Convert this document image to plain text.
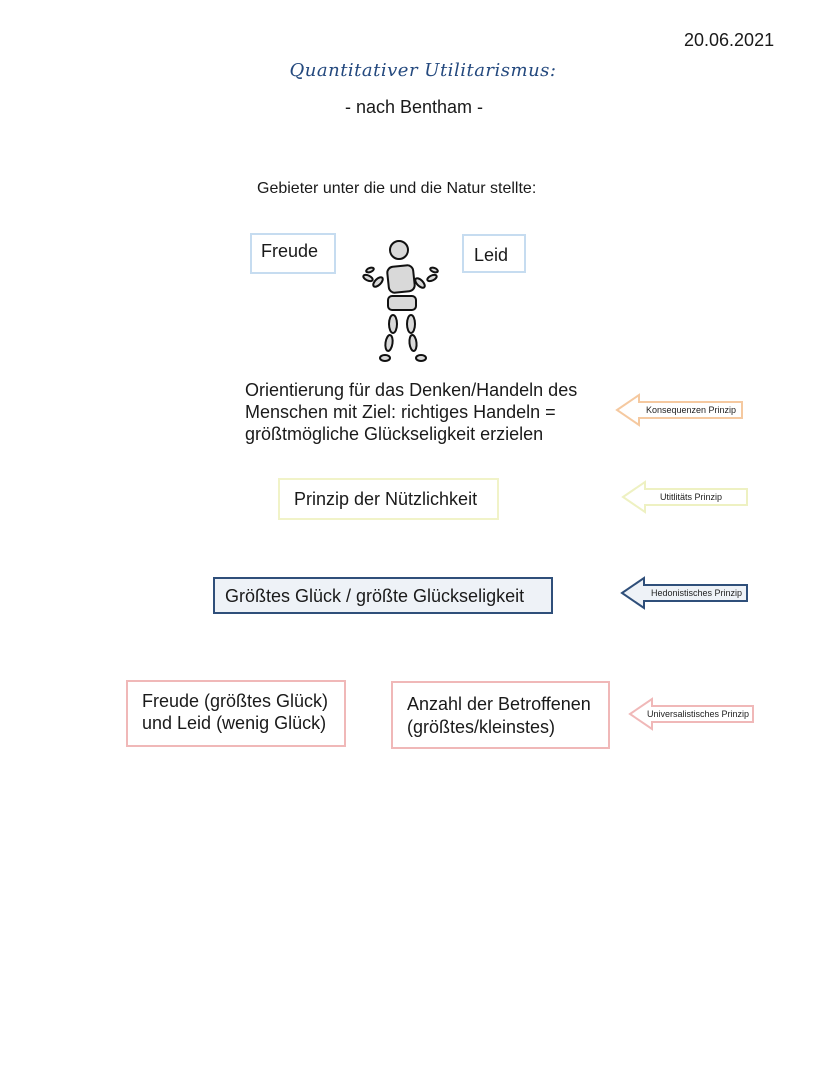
20.06.2021
Quantitativer Utilitarismus:
- nach Bentham -
Gebieter unter die und die Natur stellte:
Freude	Leid
Orientierung für das Denken/Handeln des
Menschen mit Ziel: richtiges Handeln =
größtmögliche Glückseligkeit erzielen
Prinzip der Nützlichkeit
Größtes Glück / größte Glückseligkeit
Freude (größtes Glück)
und Leid (wenig Glück)
Anzahl der Betroffenen
(größtes/kleinstes)
Konsequenzen Prinzip
Utitlitäts Prinzip
Hedonistisches Prinzip
Universalistisches Prinzip
